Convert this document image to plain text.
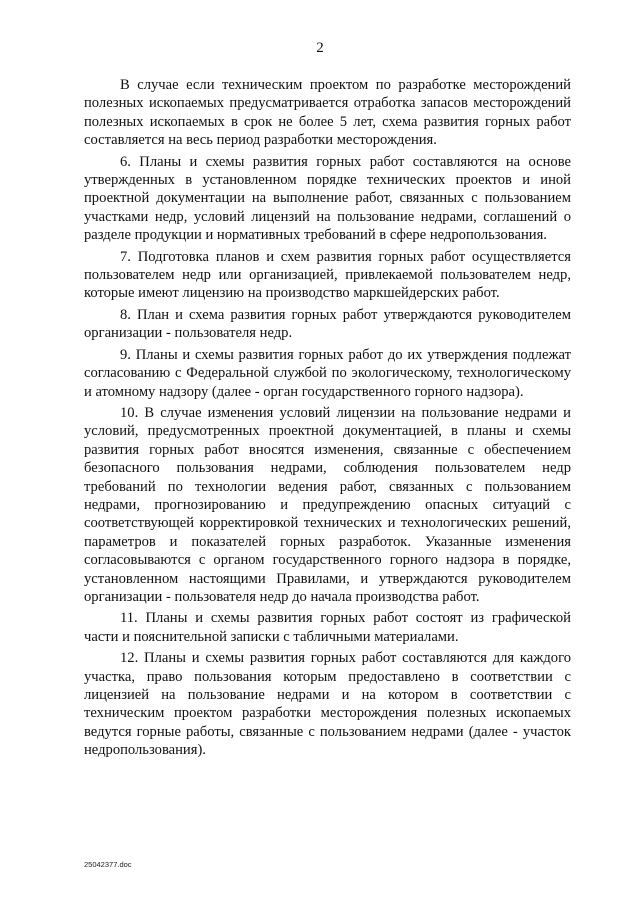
2

В случае если техническим проектом по разработке месторождений полезных ископаемых предусматривается отработка запасов месторождений полезных ископаемых в срок не более 5 лет, схема развития горных работ составляется на весь период разработки месторождения.

6. Планы и схемы развития горных работ составляются на основе утвержденных в установленном порядке технических проектов и иной проектной документации на выполнение работ, связанных с пользованием участками недр, условий лицензий на пользование недрами, соглашений о разделе продукции и нормативных требований в сфере недропользования.

7. Подготовка планов и схем развития горных работ осуществляется пользователем недр или организацией, привлекаемой пользователем недр, которые имеют лицензию на производство маркшейдерских работ.

8. План и схема развития горных работ утверждаются руководителем организации - пользователя недр.

9. Планы и схемы развития горных работ до их утверждения подлежат согласованию с Федеральной службой по экологическому, технологическому и атомному надзору (далее - орган государственного горного надзора).

10. В случае изменения условий лицензии на пользование недрами и условий, предусмотренных проектной документацией, в планы и схемы развития горных работ вносятся изменения, связанные с обеспечением безопасного пользования недрами, соблюдения пользователем недр требований по технологии ведения работ, связанных с пользованием недрами, прогнозированию и предупреждению опасных ситуаций с соответствующей корректировкой технических и технологических решений, параметров и показателей горных разработок. Указанные изменения согласовываются с органом государственного горного надзора в порядке, установленном настоящими Правилами, и утверждаются руководителем организации - пользователя недр до начала производства работ.

11. Планы и схемы развития горных работ состоят из графической части и пояснительной записки с табличными материалами.

12. Планы и схемы развития горных работ составляются для каждого участка, право пользования которым предоставлено в соответствии с лицензией на пользование недрами и на котором в соответствии с техническим проектом разработки месторождения полезных ископаемых ведутся горные работы, связанные с пользованием недрами (далее - участок недропользования).

25042377.doc
